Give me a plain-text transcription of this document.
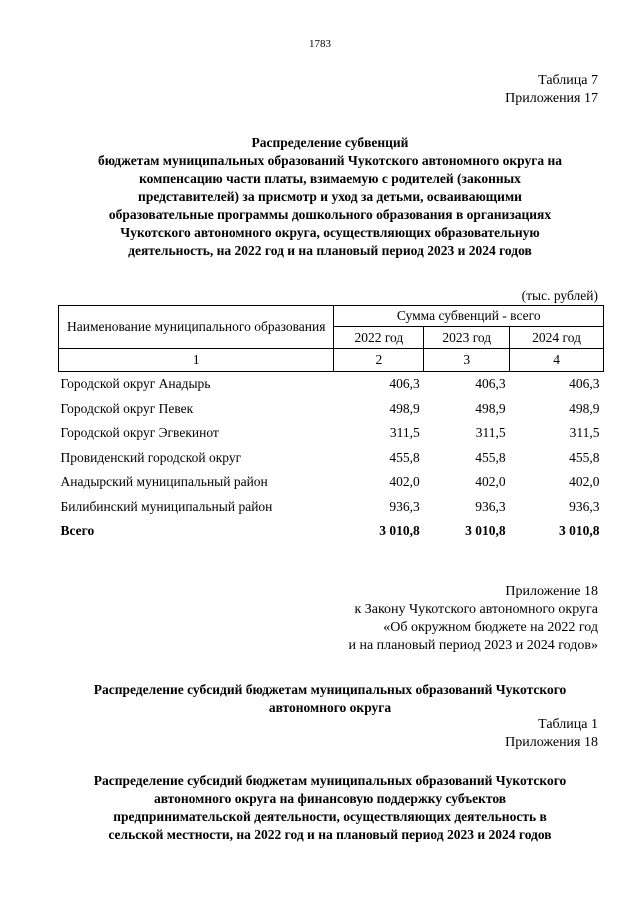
1783
Таблица 7
Приложения 17
Распределение субвенций
бюджетам муниципальных образований Чукотского автономного округа на
компенсацию части платы, взимаемую с родителей (законных
представителей) за присмотр и уход за детьми, осваивающими
образовательные программы дошкольного образования в организациях
Чукотского автономного округа, осуществляющих образовательную
деятельность, на 2022 год и на плановый период 2023 и 2024 годов
(тыс. рублей)
Наименование муниципального образования	Сумма субвенций - всего		
	2022 год	2023 год	2024 год
1	2	3	4
Городской округ Анадырь	406,3	406,3	406,3
Городской округ Певек	498,9	498,9	498,9
Городской округ Эгвекинот	311,5	311,5	311,5
Провиденский городской округ	455,8	455,8	455,8
Анадырский муниципальный район	402,0	402,0	402,0
Билибинский муниципальный район	936,3	936,3	936,3
Всего	3 010,8	3 010,8	3 010,8
Приложение 18
к Закону Чукотского автономного округа
«Об окружном бюджете на 2022 год
и на плановый период 2023 и 2024 годов»
Распределение субсидий бюджетам муниципальных образований Чукотского
автономного округа
Таблица 1
Приложения 18
Распределение субсидий бюджетам муниципальных образований Чукотского
автономного округа на финансовую поддержку субъектов
предпринимательской деятельности, осуществляющих деятельность в
сельской местности, на 2022 год и на плановый период 2023 и 2024 годов
